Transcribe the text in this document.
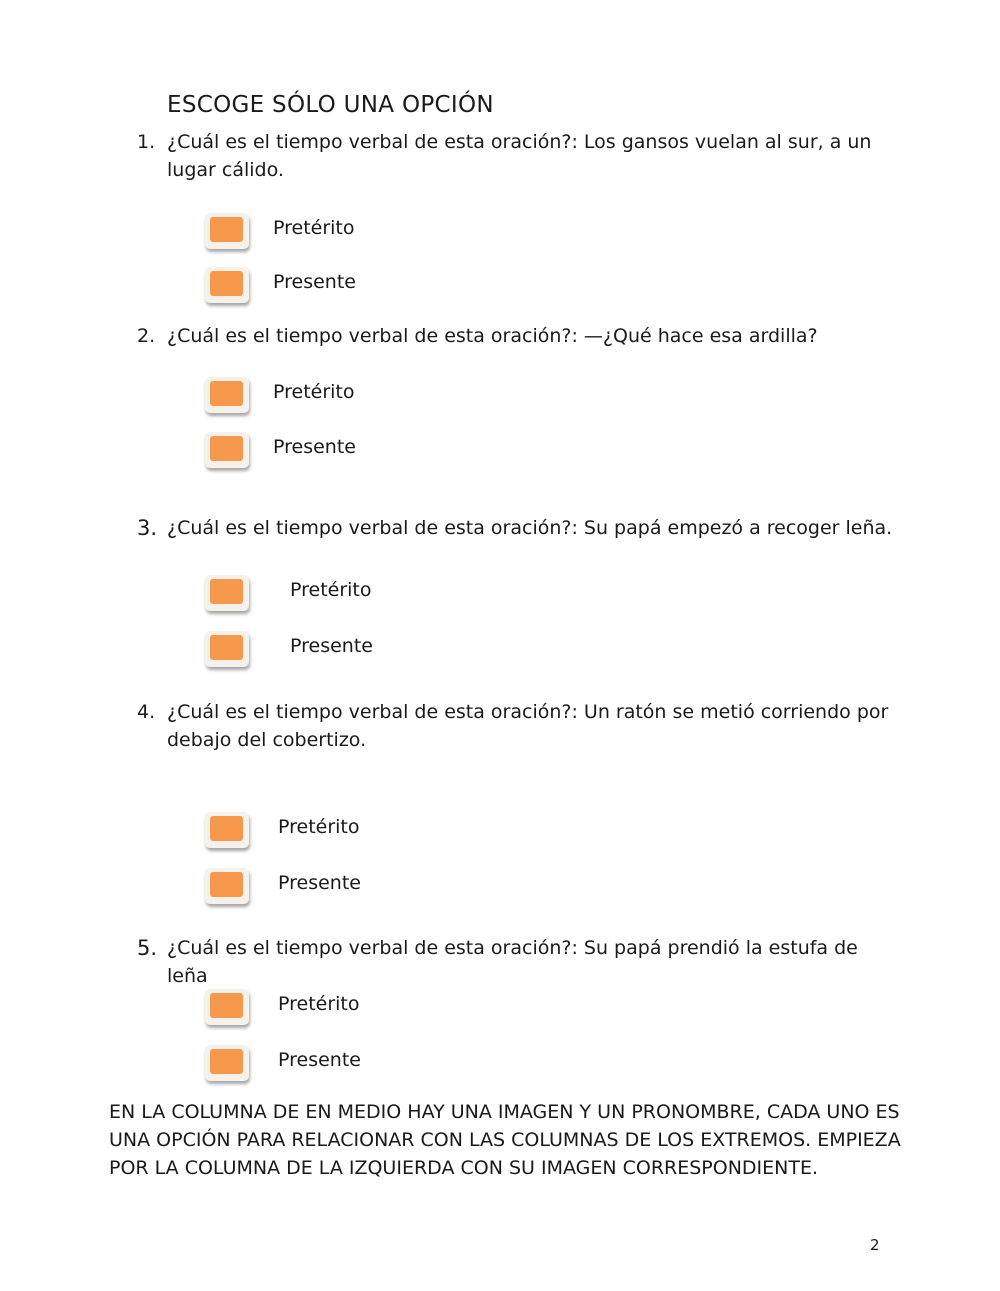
ESCOGE SÓLO UNA OPCIÓN
1. ¿Cuál es el tiempo verbal de esta oración?: Los gansos vuelan al sur, a un lugar cálido.
Pretérito
Presente
2. ¿Cuál es el tiempo verbal de esta oración?: —¿Qué hace esa ardilla?
Pretérito
Presente
3. ¿Cuál es el tiempo verbal de esta oración?: Su papá empezó a recoger leña.
Pretérito
Presente
4. ¿Cuál es el tiempo verbal de esta oración?: Un ratón se metió corriendo por debajo del cobertizo.
Pretérito
Presente
5. ¿Cuál es el tiempo verbal de esta oración?: Su papá prendió la estufa de leña
Pretérito
Presente

EN LA COLUMNA DE EN MEDIO HAY UNA IMAGEN Y UN PRONOMBRE, CADA UNO ES UNA OPCIÓN PARA RELACIONAR CON LAS COLUMNAS DE LOS EXTREMOS. EMPIEZA POR LA COLUMNA DE LA IZQUIERDA CON SU IMAGEN CORRESPONDIENTE.

2
